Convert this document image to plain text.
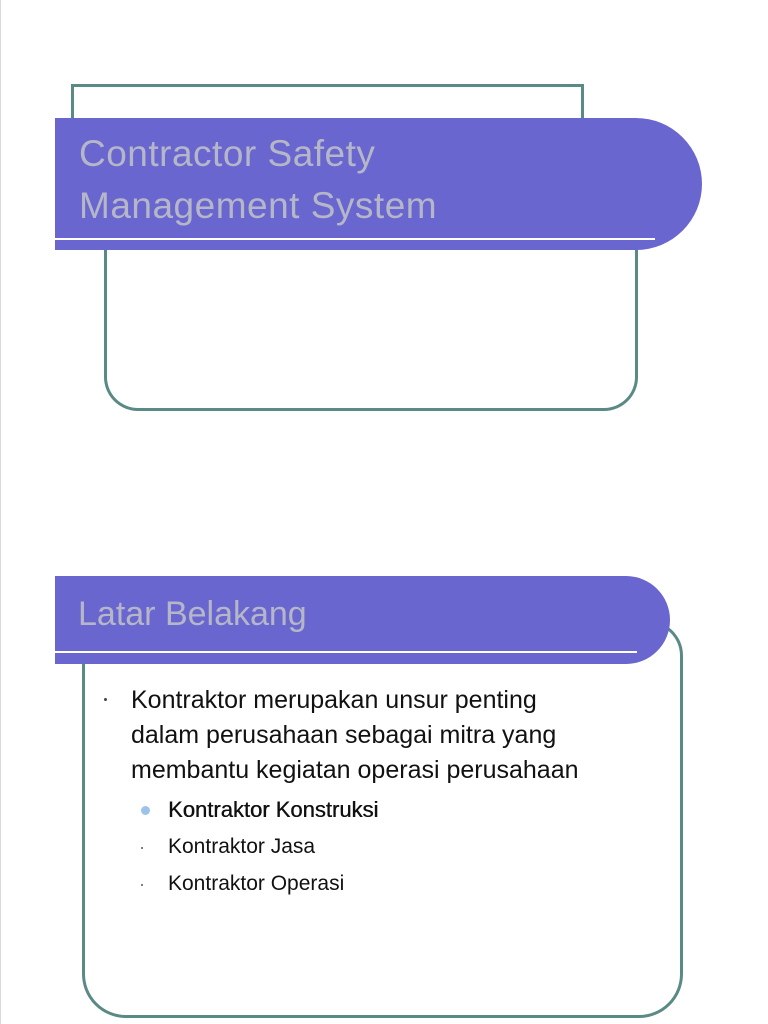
Contractor Safety
Management System
Latar Belakang
Kontraktor merupakan unsur penting
dalam perusahaan sebagai mitra yang
membantu kegiatan operasi perusahaan
Kontraktor Konstruksi
Kontraktor Jasa
Kontraktor Operasi
